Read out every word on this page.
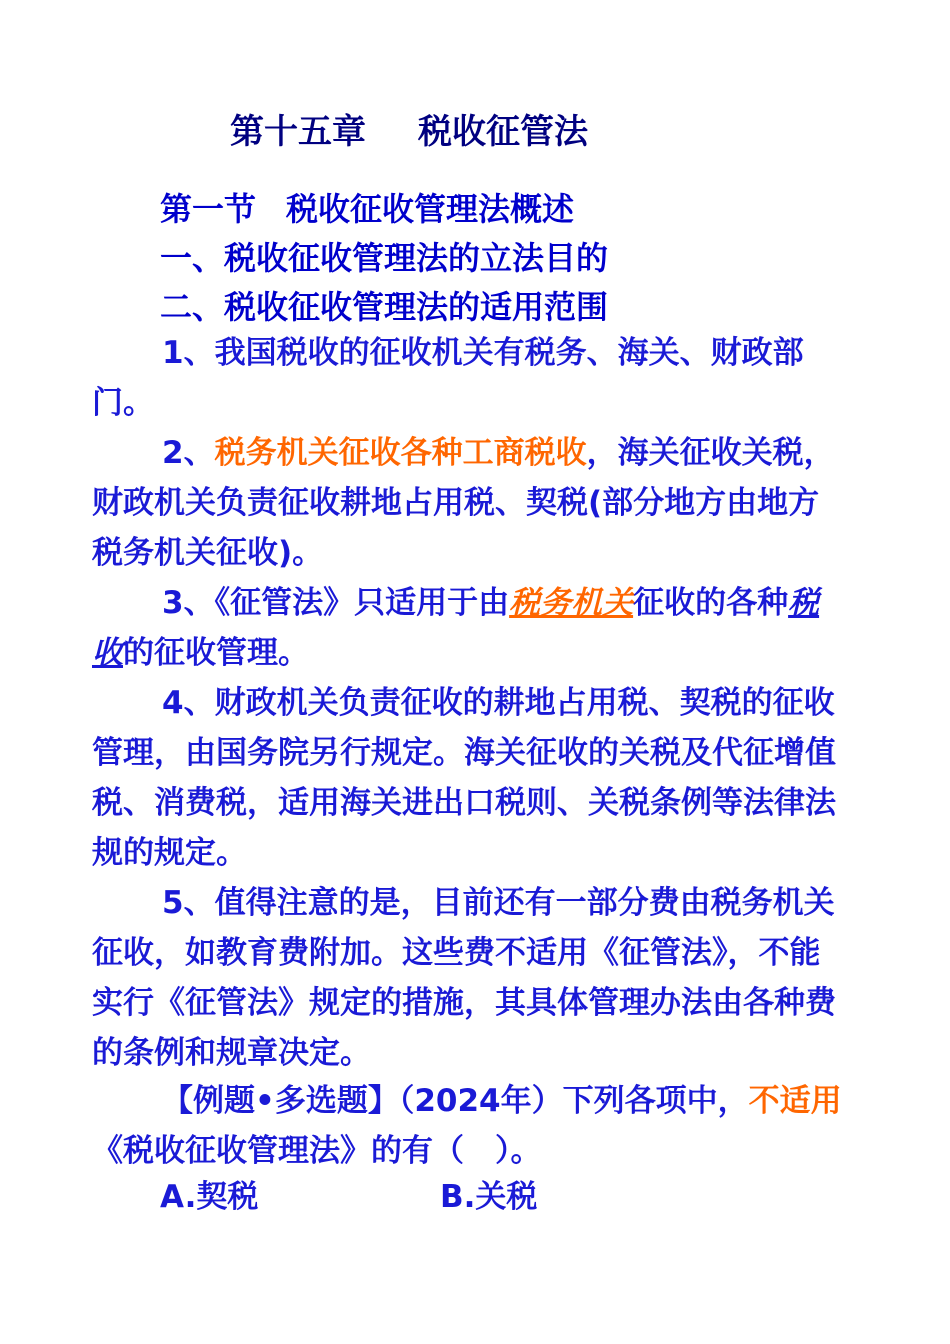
第十五章 税收征管法
第一节 税收征收管理法概述
一、税收征收管理法的立法目的
二、税收征收管理法的适用范围

1、我国税收的征收机关有税务、海关、财政部门。

2、税务机关征收各种工商税收，海关征收关税，财政机关负责征收耕地占用税、契税(部分地方由地方税务机关征收)。

3、《征管法》只适用于由税务机关征收的各种税收的征收管理。

4、财政机关负责征收的耕地占用税、契税的征收管理，由国务院另行规定。海关征收的关税及代征增值税、消费税，适用海关进出口税则、关税条例等法律法规的规定。

5、值得注意的是，目前还有一部分费由税务机关征收，如教育费附加。这些费不适用《征管法》，不能实行《征管法》规定的措施，其具体管理办法由各种费的条例和规章决定。

【例题•多选题】（2024年）下列各项中，不适用《税收征收管理法》的有（　）。

A.契税	B.关税
